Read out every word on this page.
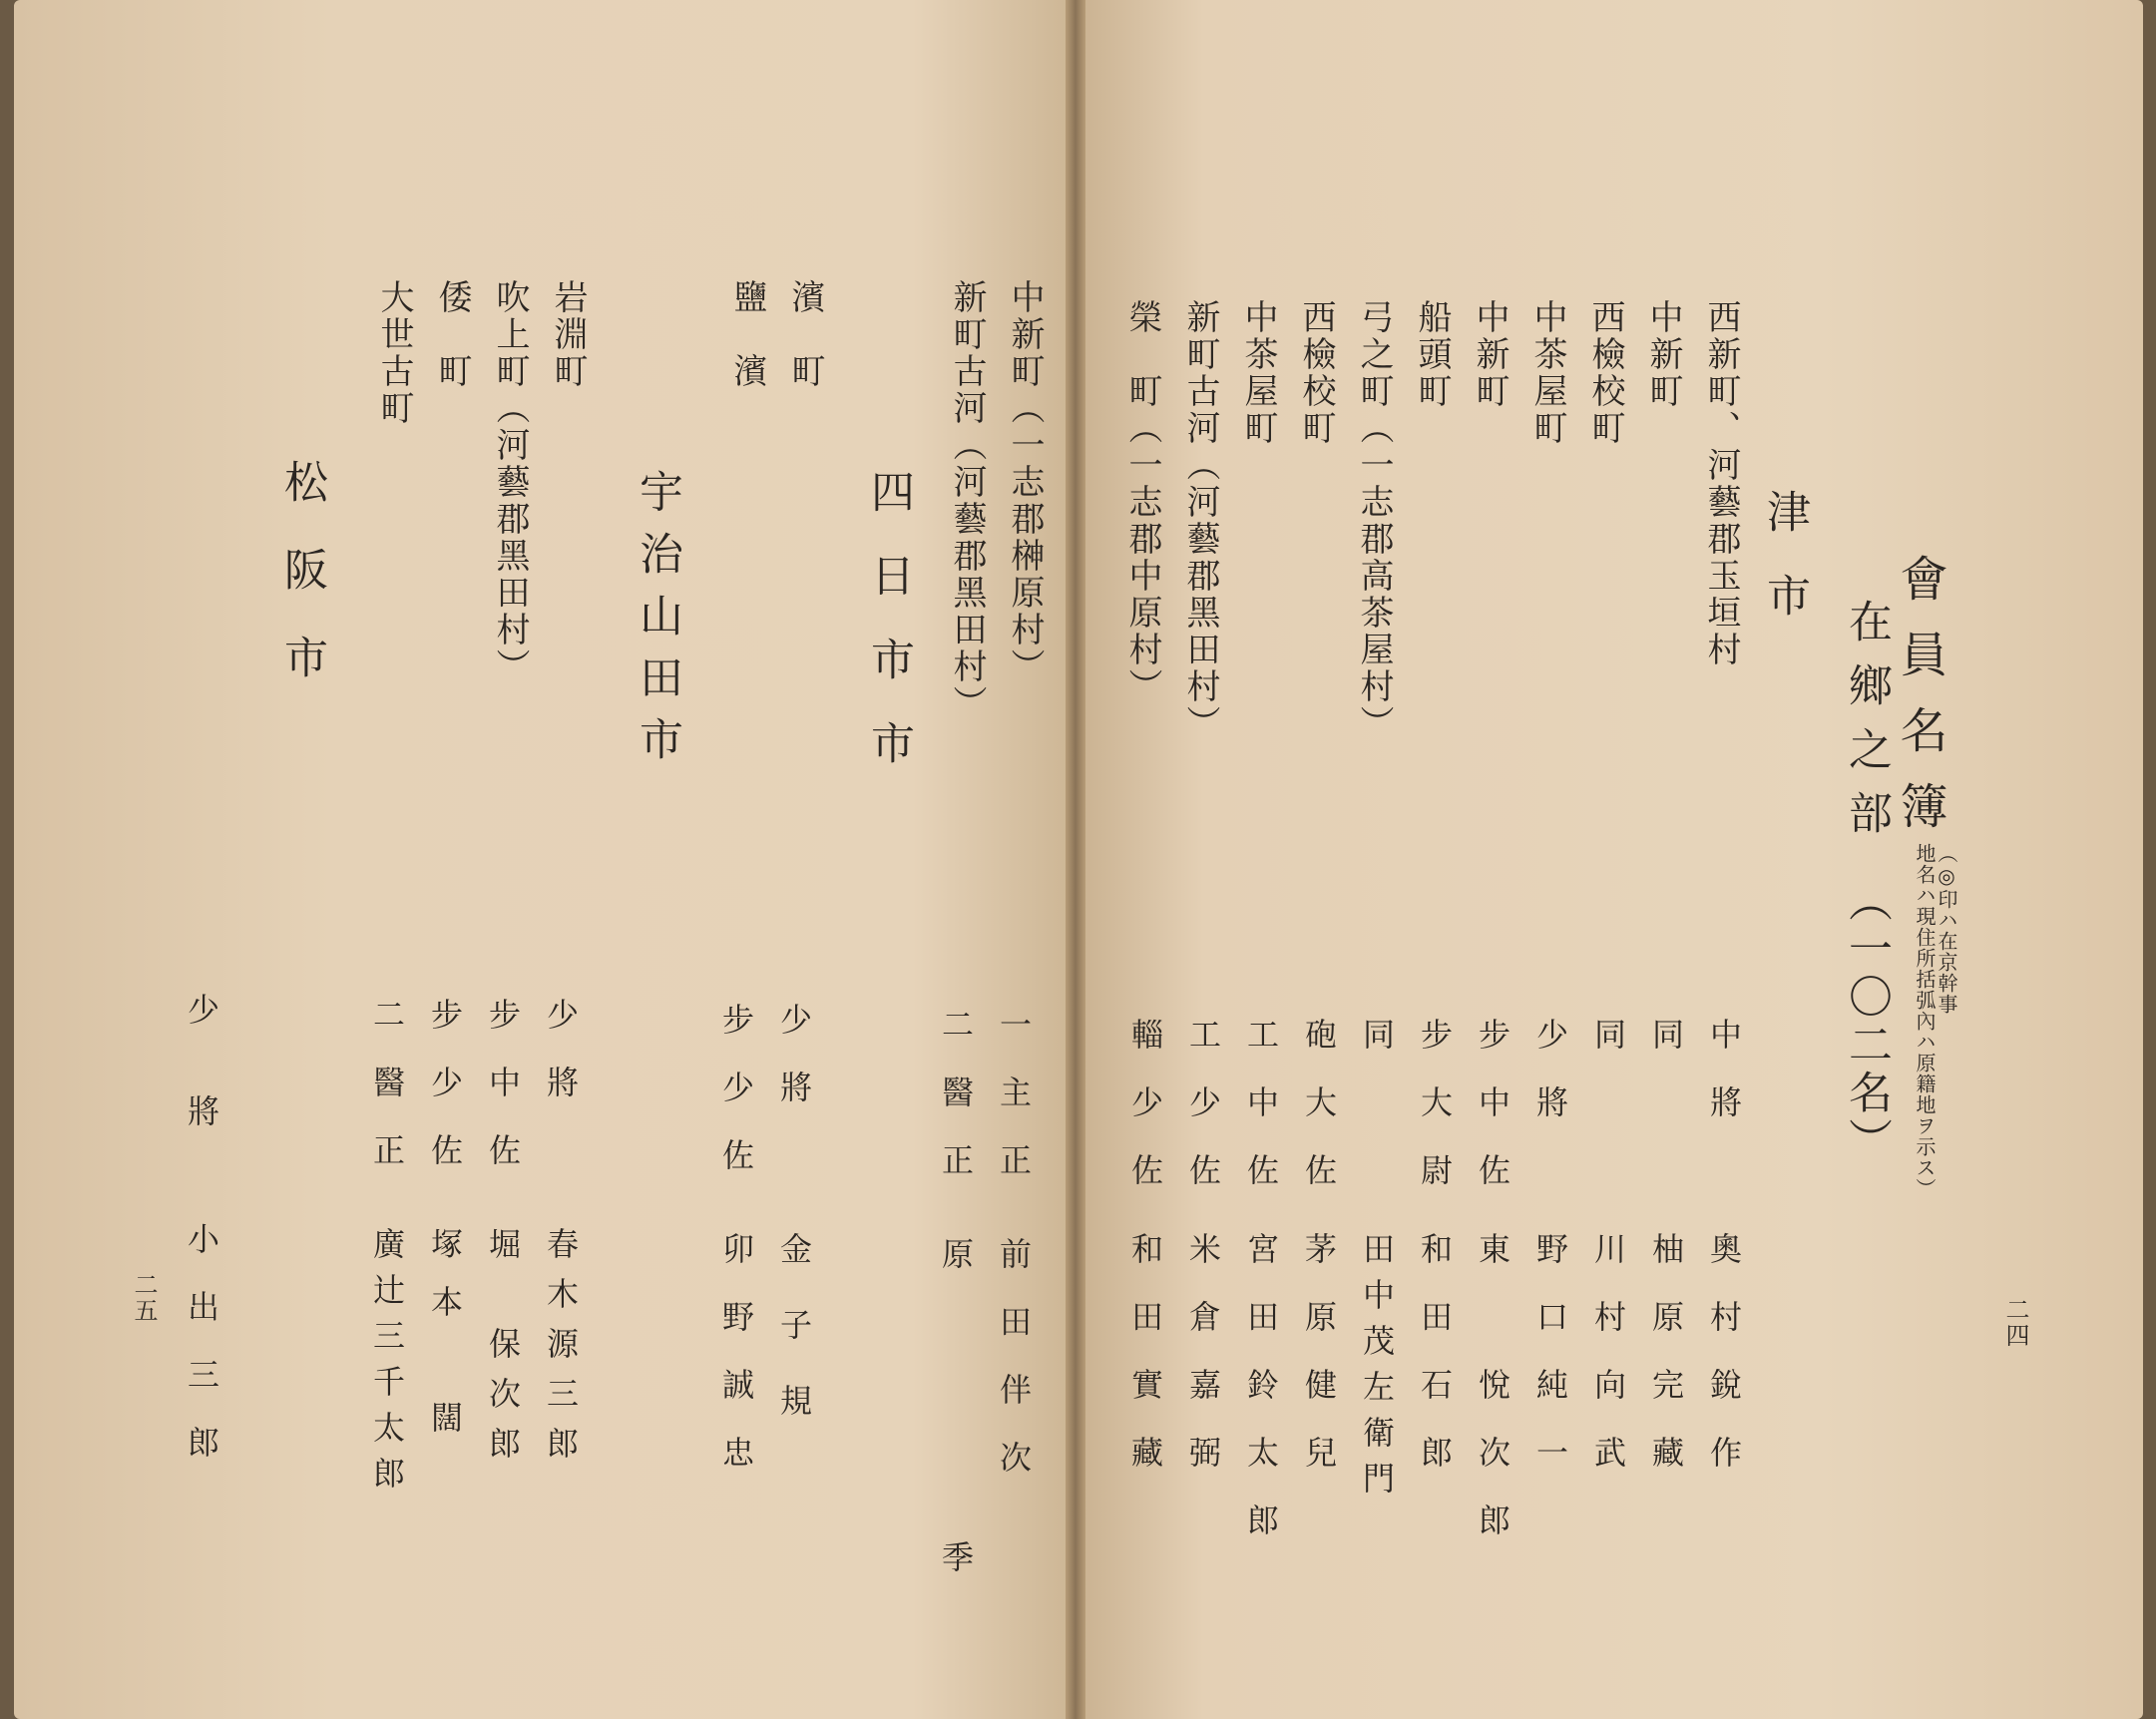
會員名簿
（◎印ハ在京幹事
地名ハ現住所括弧內ハ原籍地ヲ示ス）
在鄉之部
（一〇二名）
津市
二四
西新町、河藝郡玉垣村
中將
奧村銳作
中新町
同
柚原完藏
西檢校町
同
川村向武
中茶屋町
少將
野口純一
中新町
步中佐
東　悅次郎
船頭町
步大尉
和田石郎
弓之町（一志郡高茶屋村）
同
田中茂左衛門
西檢校町
砲大佐
茅原健兒
中茶屋町
工中佐
宮田鈴太郎
新町古河（河藝郡黑田村）
工少佐
米倉嘉弼
榮　町（一志郡中原村）
輜少佐
和田實藏
二五
四日市市	中新町（一志郡榊原村）
一主正
前田伴次
新町古河（河藝郡黑田村）
二醫正
原　季
宇治山田市
濱　町
少將
金子規
鹽　濱
步少佐
卯野誠忠
岩淵町
少將
春木源三郎
吹上町（河藝郡黑田村）
步中佐
堀　保次郎
倭　町
步少佐
塚本　闊
大世古町
二醫正
廣辻三千太郎
松阪市
少將
小出三郎
